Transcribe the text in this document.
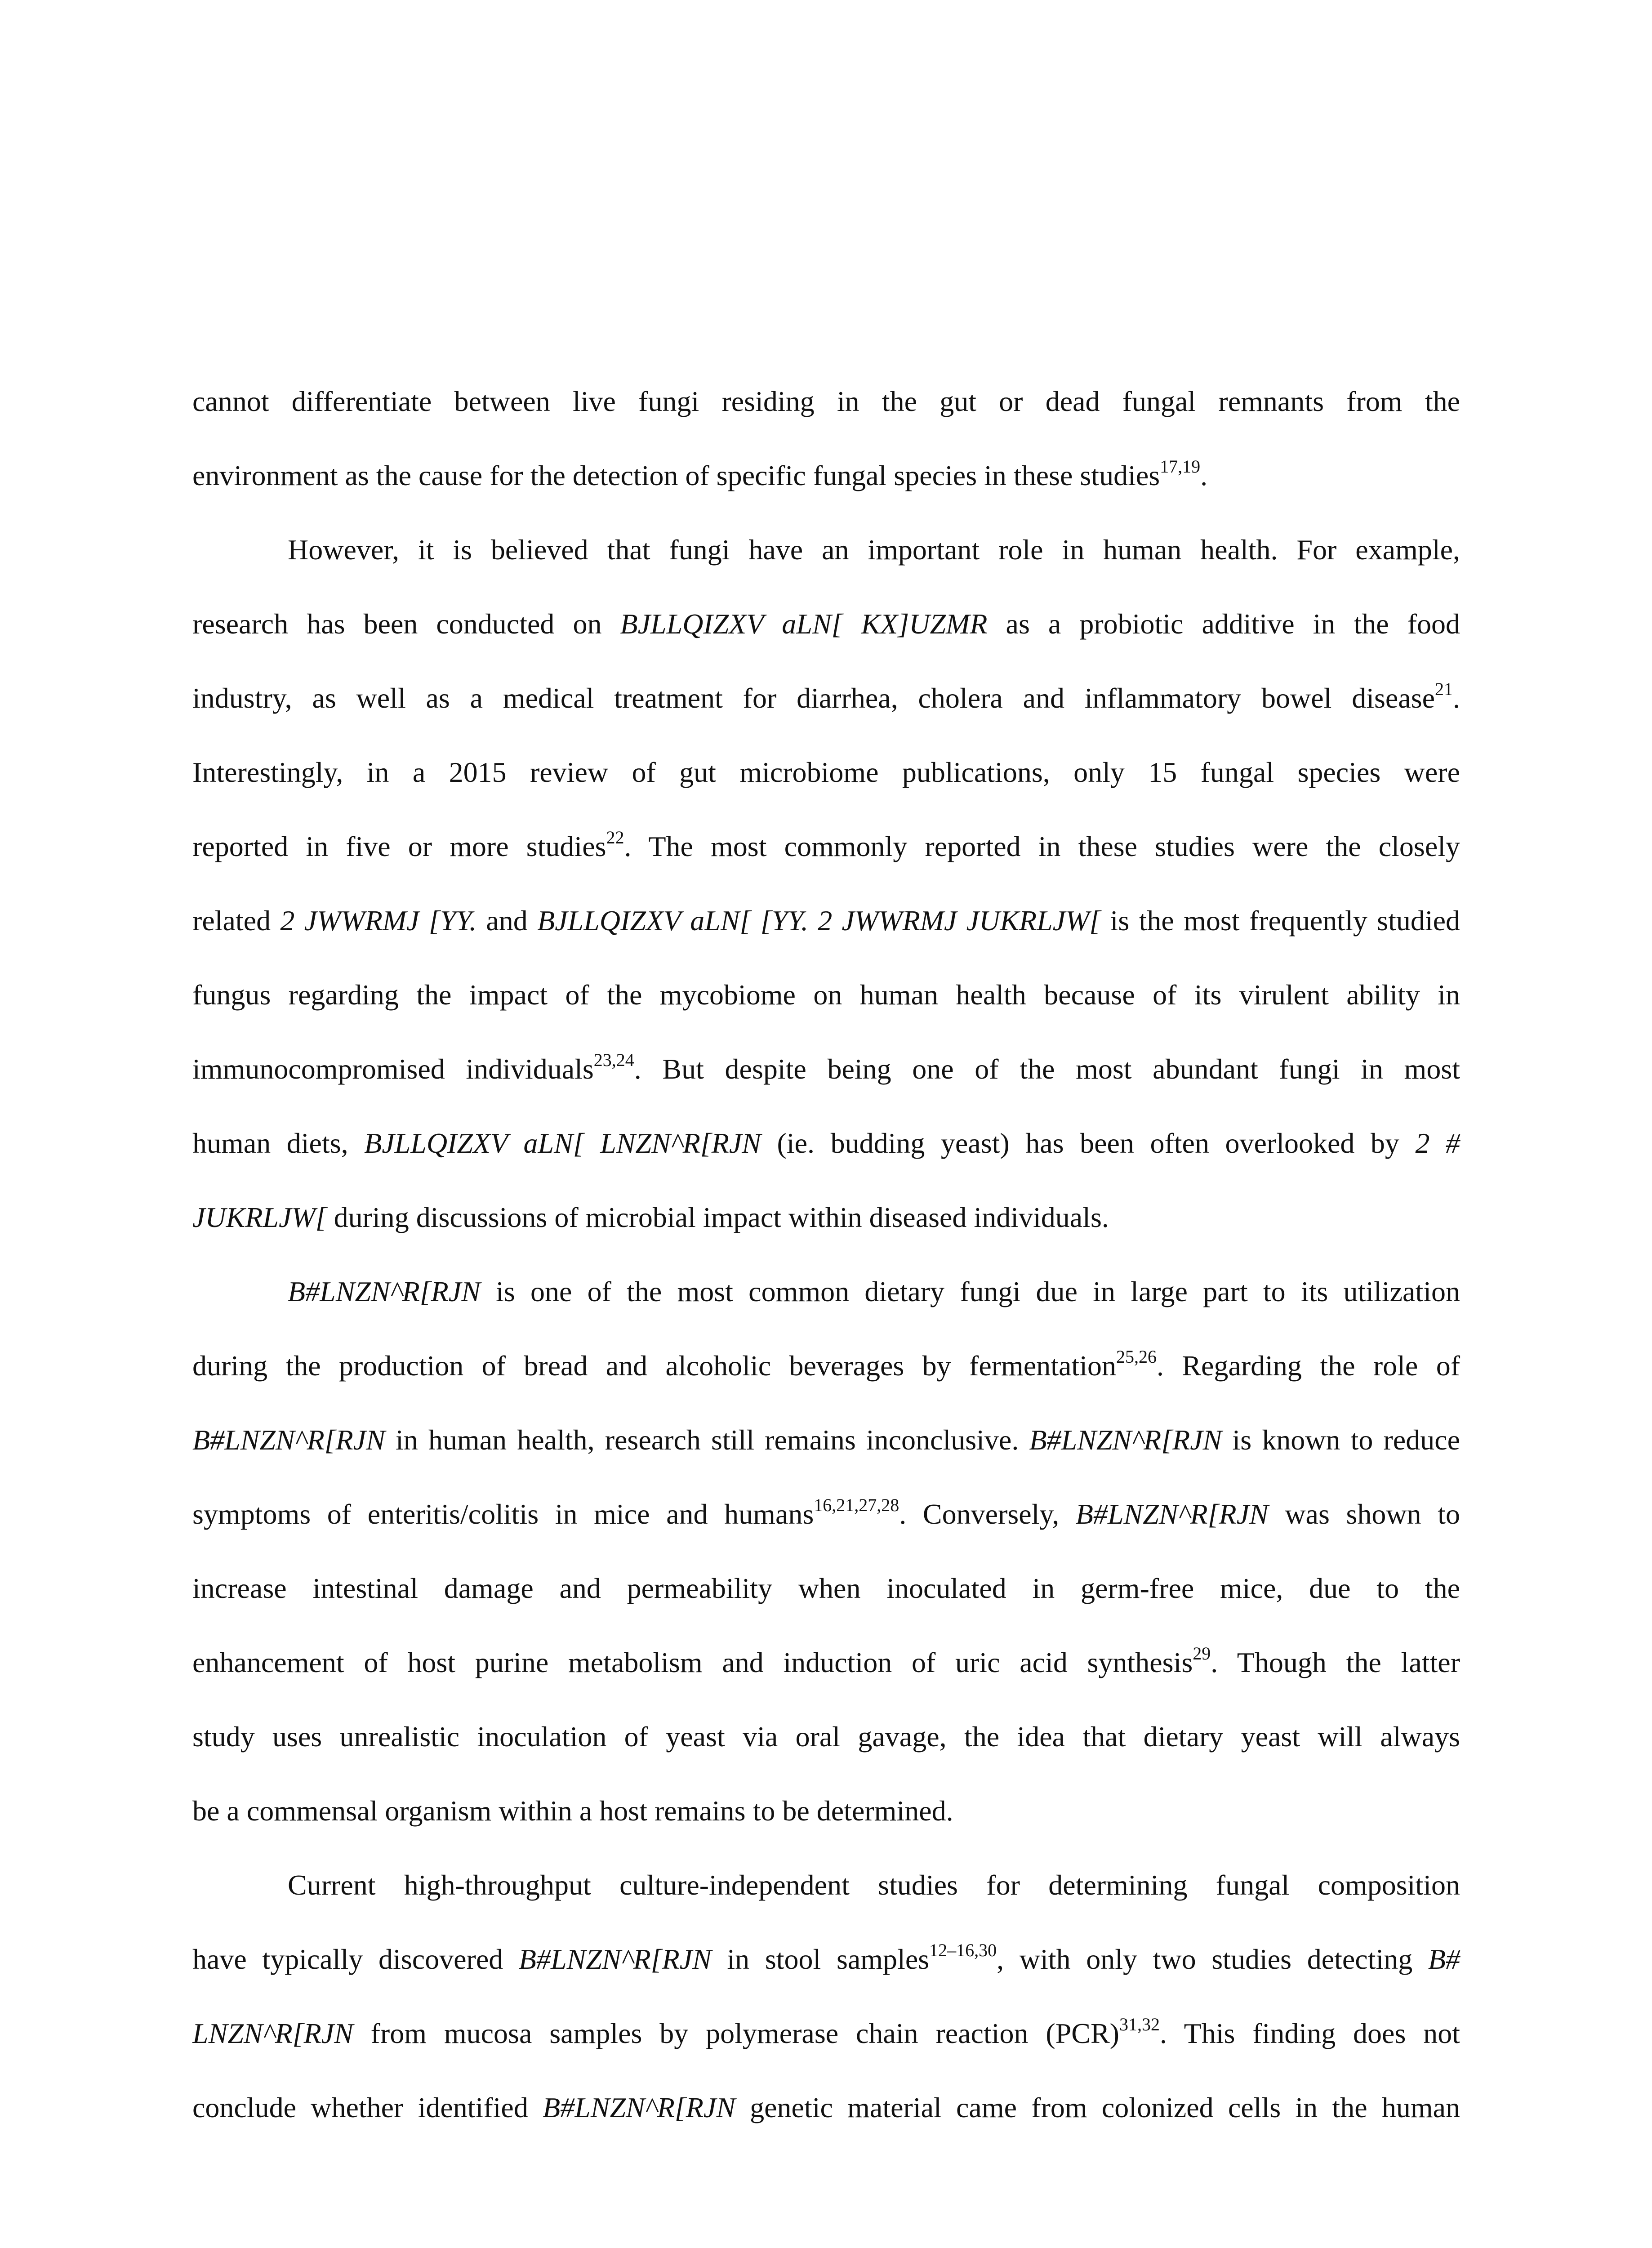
cannot differentiate between live fungi residing in the gut or dead fungal remnants from the
environment as the cause for the detection of specific fungal species in these studies$^{17,19}$.
However, it is believed that fungi have an important role in human health. For example,
research has been conducted on BJLLQIZXV aLN[ KX]UZMR as a probiotic additive in the food
industry, as well as a medical treatment for diarrhea, cholera and inflammatory bowel disease$^{21}$.
Interestingly, in a 2015 review of gut microbiome publications, only 15 fungal species were
reported in five or more studies$^{22}$. The most commonly reported in these studies were the closely
related 2 JWWRMJ [YY. and BJLLQIZXV aLN[ [YY. 2 JWWRMJ JUKRLJW[ is the most frequently studied
fungus regarding the impact of the mycobiome on human health because of its virulent ability in
immunocompromised individuals$^{23,24}$. But despite being one of the most abundant fungi in most
human diets, BJLLQIZXV aLN[ LNZN^R[RJN (ie. budding yeast) has been often overlooked by 2 #
JUKRLJW[ during discussions of microbial impact within diseased individuals.
B#LNZN^R[RJN is one of the most common dietary fungi due in large part to its utilization
during the production of bread and alcoholic beverages by fermentation$^{25,26}$. Regarding the role of
B#LNZN^R[RJN in human health, research still remains inconclusive. B#LNZN^R[RJN is known to reduce
symptoms of enteritis/colitis in mice and humans$^{16,21,27,28}$. Conversely, B#LNZN^R[RJN was shown to
increase intestinal damage and permeability when inoculated in germ-free mice, due to the
enhancement of host purine metabolism and induction of uric acid synthesis$^{29}$. Though the latter
study uses unrealistic inoculation of yeast via oral gavage, the idea that dietary yeast will always
be a commensal organism within a host remains to be determined.
Current high-throughput culture-independent studies for determining fungal composition
have typically discovered B#LNZN^R[RJN in stool samples$^{12-16,30}$, with only two studies detecting B#
LNZN^R[RJN from mucosa samples by polymerase chain reaction (PCR)$^{31,32}$. This finding does not
conclude whether identified B#LNZN^R[RJN genetic material came from colonized cells in the human
